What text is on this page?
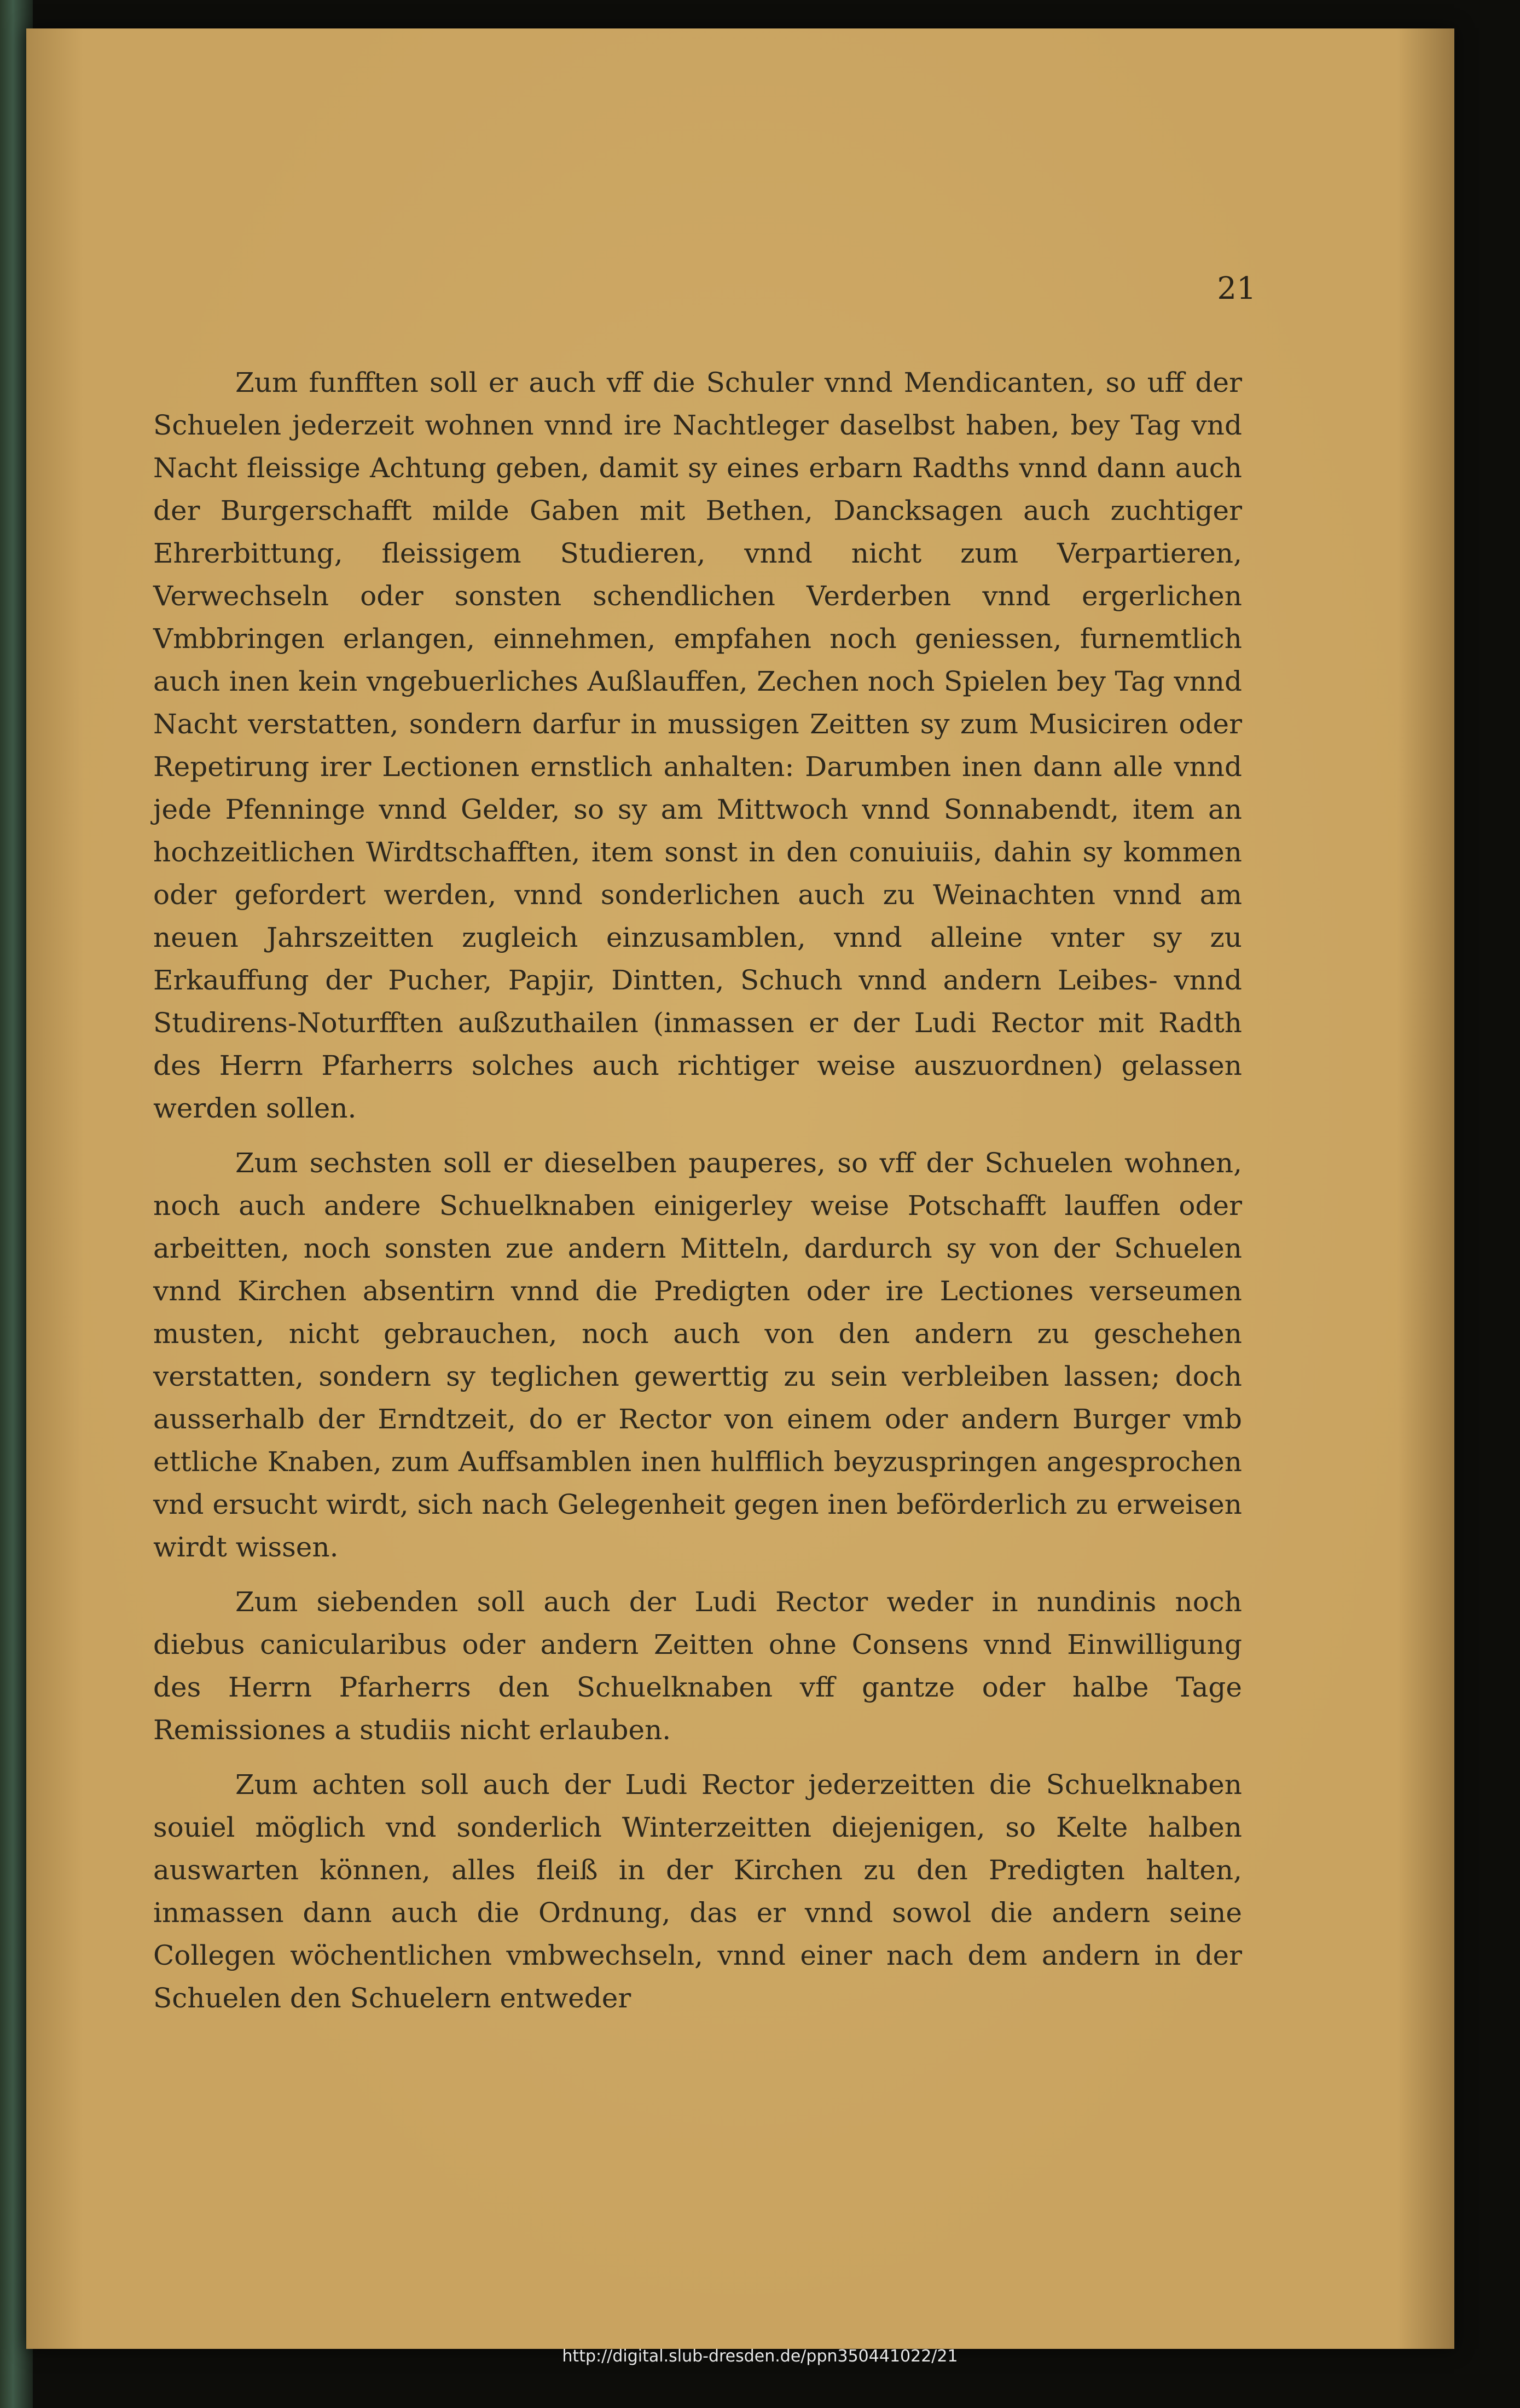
21

Zum funfften soll er auch vff die Schuler vnnd Mendicanten, so uff der Schuelen jederzeit wohnen vnnd ire Nachtleger daselbst haben, bey Tag vnd Nacht fleissige Achtung geben, damit sy eines erbarn Radths vnnd dann auch der Burgerschafft milde Gaben mit Bethen, Dancksagen auch zuchtiger Ehrerbittung, fleissigem Studieren, vnnd nicht zum Verpartieren, Verwechseln oder sonsten schendlichen Verderben vnnd ergerlichen Vmbbringen erlangen, einnehmen, empfahen noch geniessen, furnemtlich auch inen kein vngebuerliches Außlauffen, Zechen noch Spielen bey Tag vnnd Nacht verstatten, sondern darfur in mussigen Zeitten sy zum Musiciren oder Repetirung irer Lectionen ernstlich anhalten: Darumben inen dann alle vnnd jede Pfenninge vnnd Gelder, so sy am Mittwoch vnnd Sonnabendt, item an hochzeitlichen Wirdtschafften, item sonst in den conuiuiis, dahin sy kommen oder gefordert werden, vnnd sonderlichen auch zu Weinachten vnnd am neuen Jahrszeitten zugleich einzusamblen, vnnd alleine vnter sy zu Erkauffung der Pucher, Papjir, Dintten, Schuch vnnd andern Leibes- vnnd Studirens-Noturfften außzuthailen (inmassen er der Ludi Rector mit Radth des Herrn Pfarherrs solches auch richtiger weise auszuordnen) gelassen werden sollen.

Zum sechsten soll er dieselben pauperes, so vff der Schuelen wohnen, noch auch andere Schuelknaben einigerley weise Potschafft lauffen oder arbeitten, noch sonsten zue andern Mitteln, dardurch sy von der Schuelen vnnd Kirchen absentirn vnnd die Predigten oder ire Lectiones verseumen musten, nicht gebrauchen, noch auch von den andern zu geschehen verstatten, sondern sy teglichen gewerttig zu sein verbleiben lassen; doch ausserhalb der Erndtzeit, do er Rector von einem oder andern Burger vmb ettliche Knaben, zum Auffsamblen inen hulfflich beyzuspringen angesprochen vnd ersucht wirdt, sich nach Gelegenheit gegen inen beförderlich zu erweisen wirdt wissen.

Zum siebenden soll auch der Ludi Rector weder in nundinis noch diebus canicularibus oder andern Zeitten ohne Consens vnnd Einwilligung des Herrn Pfarherrs den Schuelknaben vff gantze oder halbe Tage Remissiones a studiis nicht erlauben.

Zum achten soll auch der Ludi Rector jederzeitten die Schuelknaben souiel möglich vnd sonderlich Winterzeitten diejenigen, so Kelte halben auswarten können, alles fleiß in der Kirchen zu den Predigten halten, inmassen dann auch die Ordnung, das er vnnd sowol die andern seine Collegen wöchentlichen vmbwechseln, vnnd einer nach dem andern in der Schuelen den Schuelern entweder

http://digital.slub-dresden.de/ppn350441022/21
